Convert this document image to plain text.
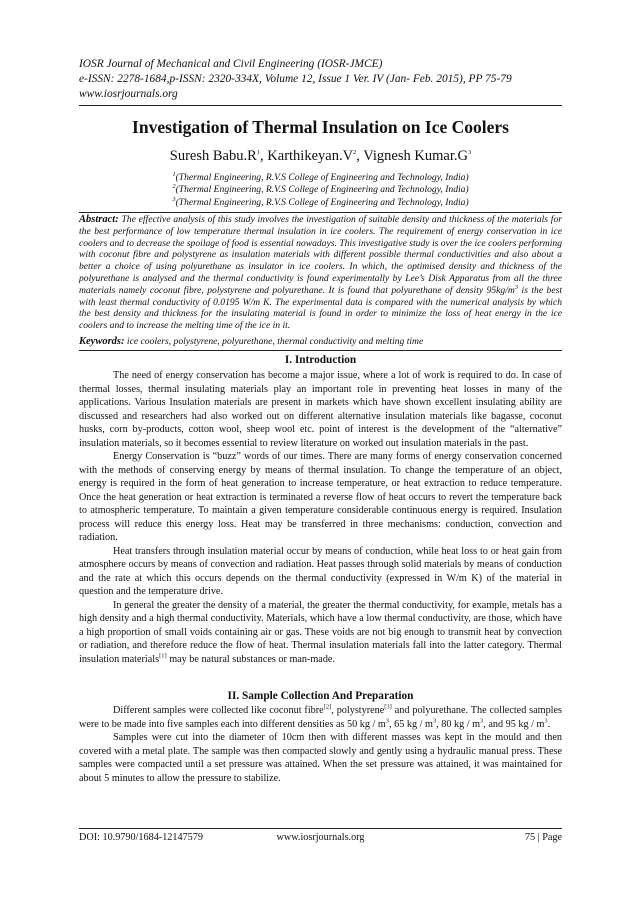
IOSR Journal of Mechanical and Civil Engineering (IOSR-JMCE)
e-ISSN: 2278-1684,p-ISSN: 2320-334X, Volume 12, Issue 1 Ver. IV (Jan- Feb. 2015), PP 75-79
www.iosrjournals.org
Investigation of Thermal Insulation on Ice Coolers
Suresh $Babu.R^1$, $Karthikeyan.V^2$, Vignesh $Kumar.G^3$
$^1$(Thermal Engineering, R.V.S College of Engineering and Technology, India)
$^2$(Thermal Engineering, R.V.S College of Engineering and Technology, India)
$^3$(Thermal Engineering, R.V.S College of Engineering and Technology, India)
Abstract: The effective analysis of this study involves the investigation of suitable density and thickness of the materials for the best performance of low temperature thermal insulation in ice coolers. The requirement of energy conservation in ice coolers and to decrease the spoilage of food is essential nowadays. This investigative study is over the ice coolers performing with coconut fibre and polystyrene as insulation materials with different possible thermal conductivities and also about a better a choice of using polyurethane as insulator in ice coolers. In which, the optimised density and thickness of the polyurethane is analysed and the thermal conductivity is found experimentally by Lee’s Disk Apparatus from all the three materials namely coconut fibre, polystyrene and polyurethane. It is found that polyurethane of density $95kg/m^3$ is the best with least thermal conductivity of 0.0195 W/m K. The experimental data is compared with the numerical analysis by which the best density and thickness for the insulating material is found in order to minimize the loss of heat energy in the ice coolers and to increase the melting time of the ice in it.
Keywords: ice coolers, polystyrene, polyurethane, thermal conductivity and melting time
I. Introduction

The need of energy conservation has become a major issue, where a lot of work is required to do. In case of thermal losses, thermal insulating materials play an important role in preventing heat losses in many of the applications. Various Insulation materials are present in markets which have shown excellent insulating ability are discussed and researchers had also worked out on different alternative insulation materials like bagasse, coconut husks, corn by-products, cotton wool, sheep wool etc. point of interest is the development of the “alternative” insulation materials, so it becomes essential to review literature on worked out insulation materials in the past.

Energy Conservation is “buzz” words of our times. There are many forms of energy conservation concerned with the methods of conserving energy by means of thermal insulation. To change the temperature of an object, energy is required in the form of heat generation to increase temperature, or heat extraction to reduce temperature. Once the heat generation or heat extraction is terminated a reverse flow of heat occurs to revert the temperature back to atmospheric temperature. To maintain a given temperature considerable continuous energy is required. Insulation process will reduce this energy loss. Heat may be transferred in three mechanisms: conduction, convection and radiation.

Heat transfers through insulation material occur by means of conduction, while heat loss to or heat gain from atmosphere occurs by means of convection and radiation. Heat passes through solid materials by means of conduction and the rate at which this occurs depends on the thermal conductivity (expressed in W/m K) of the material in question and the temperature drive.

In general the greater the density of a material, the greater the thermal conductivity, for example, metals has a high density and a high thermal conductivity. Materials, which have a low thermal conductivity, are those, which have a high proportion of small voids containing air or gas. These voids are not big enough to transmit heat by convection or radiation, and therefore reduce the flow of heat. Thermal insulation materials fall into the latter category. Thermal insulation materials[1] may be natural substances or man-made.

II. Sample Collection And Preparation

Different samples were collected like coconut fibre[2], polystyrene[3] and polyurethane. The collected samples were to be made into five samples each into different densities as 50 kg / $m^3$, 65 kg / $m^3$, 80 kg / $m^3$, and 95 kg / $m^3$.

Samples were cut into the diameter of 10cm then with different masses was kept in the mould and then covered with a metal plate. The sample was then compacted slowly and gently using a hydraulic manual press. These samples were compacted until a set pressure was attained. When the set pressure was attained, it was maintained for about 5 minutes to allow the pressure to stabilize.

DOI: 10.9790/1684-12147579	www.iosrjournals.org	75 | Page
